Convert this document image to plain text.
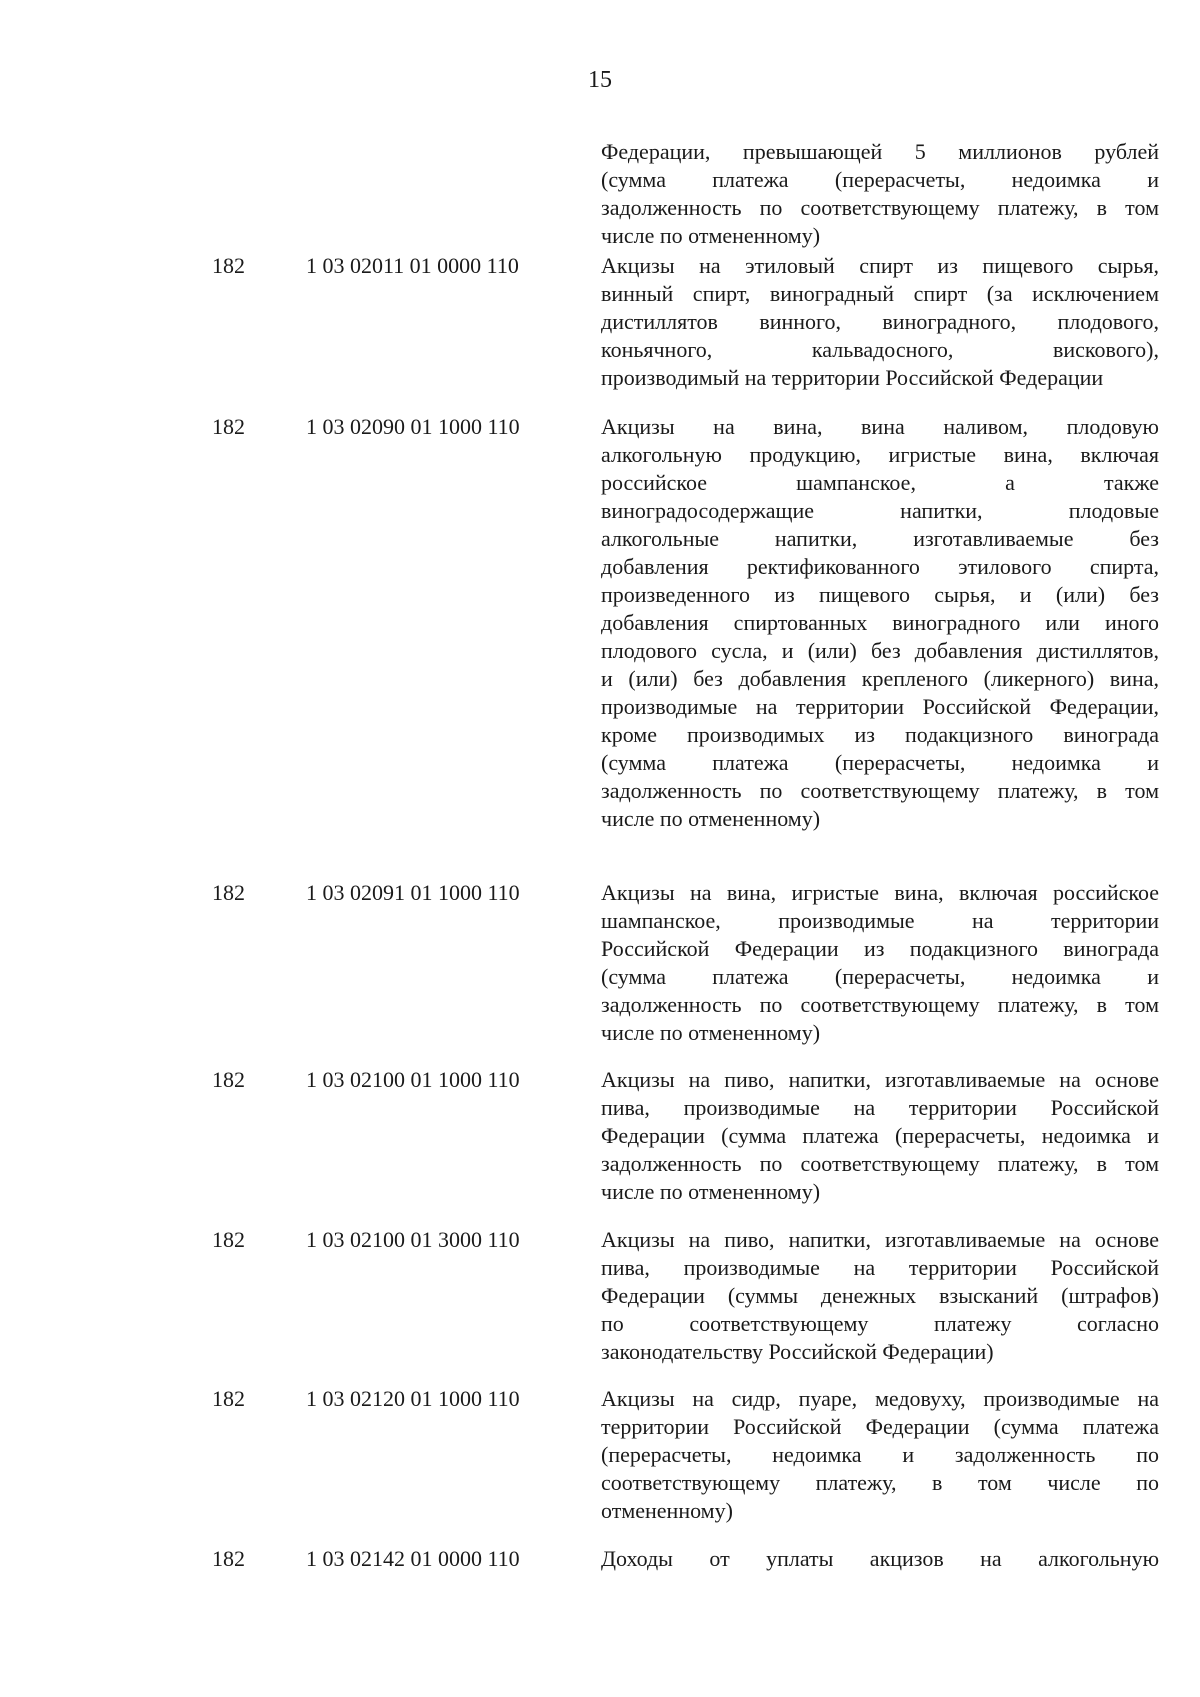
15
Федерации, превышающей 5 миллионов рублей
(сумма платежа (перерасчеты, недоимка и
задолженность по соответствующему платежу, в том
числе по отмененному)
182	1 03 02011 01 0000 110	Акцизы на этиловый спирт из пищевого сырья,
винный спирт, виноградный спирт (за исключением
дистиллятов винного, виноградного, плодового,
коньячного, кальвадосного, вискового),
производимый на территории Российской Федерации
182	1 03 02090 01 1000 110	Акцизы на вина, вина наливом, плодовую
алкогольную продукцию, игристые вина, включая
российское шампанское, а также
виноградосодержащие напитки, плодовые
алкогольные напитки, изготавливаемые без
добавления ректификованного этилового спирта,
произведенного из пищевого сырья, и (или) без
добавления спиртованных виноградного или иного
плодового сусла, и (или) без добавления дистиллятов,
и (или) без добавления крепленого (ликерного) вина,
производимые на территории Российской Федерации,
кроме производимых из подакцизного винограда
(сумма платежа (перерасчеты, недоимка и
задолженность по соответствующему платежу, в том
числе по отмененному)
182	1 03 02091 01 1000 110	Акцизы на вина, игристые вина, включая российское
шампанское, производимые на территории
Российской Федерации из подакцизного винограда
(сумма платежа (перерасчеты, недоимка и
задолженность по соответствующему платежу, в том
числе по отмененному)
182	1 03 02100 01 1000 110	Акцизы на пиво, напитки, изготавливаемые на основе
пива, производимые на территории Российской
Федерации (сумма платежа (перерасчеты, недоимка и
задолженность по соответствующему платежу, в том
числе по отмененному)
182	1 03 02100 01 3000 110	Акцизы на пиво, напитки, изготавливаемые на основе
пива, производимые на территории Российской
Федерации (суммы денежных взысканий (штрафов)
по соответствующему платежу согласно
законодательству Российской Федерации)
182	1 03 02120 01 1000 110	Акцизы на сидр, пуаре, медовуху, производимые на
территории Российской Федерации (сумма платежа
(перерасчеты, недоимка и задолженность по
соответствующему платежу, в том числе по
отмененному)
182	1 03 02142 01 0000 110	Доходы от уплаты акцизов на алкогольную
